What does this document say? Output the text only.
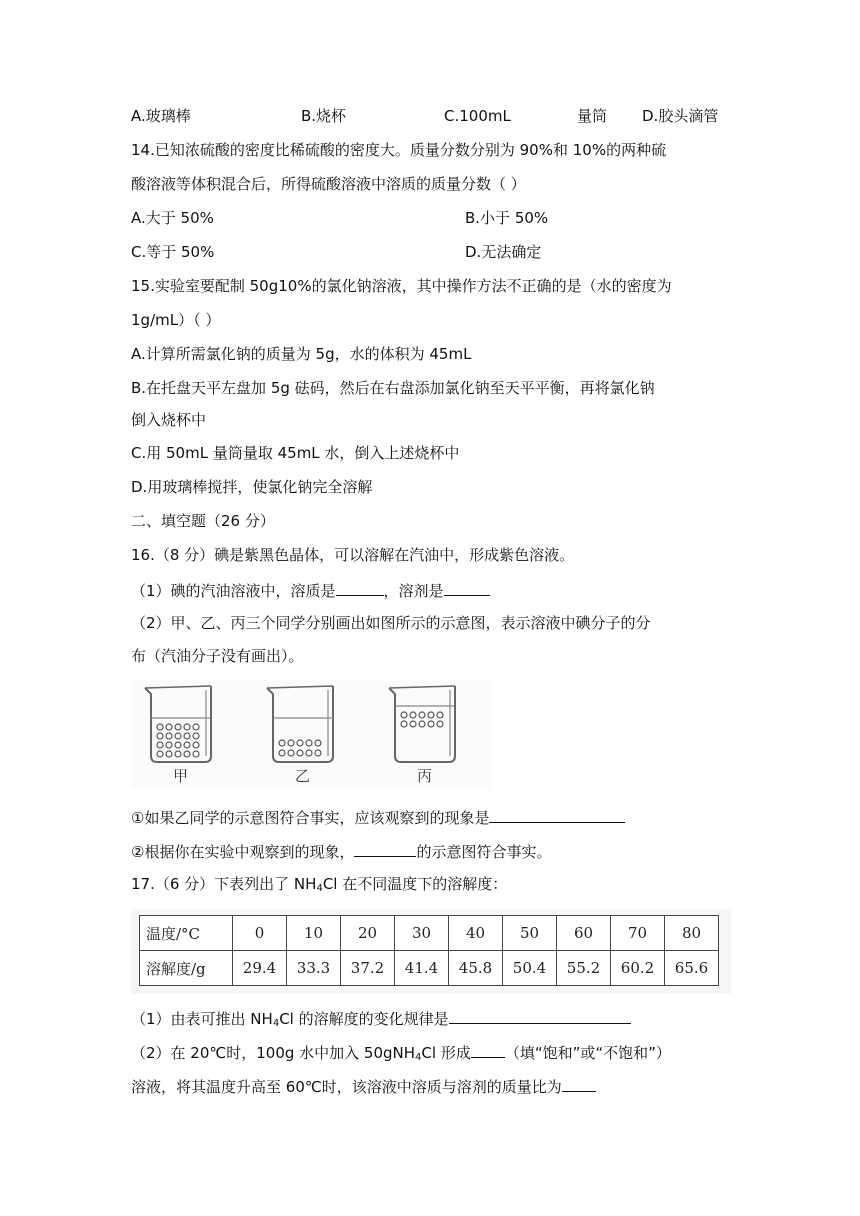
A.玻璃棒	B.烧杯	C.100mL	量筒 D.胶头滴管
14.已知浓硫酸的密度比稀硫酸的密度大。质量分数分别为 90%和 10%的两种硫
酸溶液等体积混合后，所得硫酸溶液中溶质的质量分数（ ）
A.大于 50%	B.小于 50%
C.等于 50%	D.无法确定
15.实验室要配制 50g10%的氯化钠溶液，其中操作方法不正确的是（水的密度为
1g/mL）（ ）
A.计算所需氯化钠的质量为 5g，水的体积为 45mL
B.在托盘天平左盘加 5g 砝码，然后在右盘添加氯化钠至天平平衡，再将氯化钠
倒入烧杯中
C.用 50mL 量筒量取 45mL 水，倒入上述烧杯中
D.用玻璃棒搅拌，使氯化钠完全溶解
二、填空题（26 分）
16.（8 分）碘是紫黑色晶体，可以溶解在汽油中，形成紫色溶液。
（1）碘的汽油溶液中，溶质是	，溶剂是
（2）甲、乙、丙三个同学分别画出如图所示的示意图，表示溶液中碘分子的分
布（汽油分子没有画出）。
甲	乙	丙
①如果乙同学的示意图符合事实，应该观察到的现象是
②根据你在实验中观察到的现象，	的示意图符合事实。
17.（6 分）下表列出了 $NH_4Cl$ 在不同温度下的溶解度：
温度/°C	0	10	20	30	40	50	60	70	80
溶解度/g	29.4	33.3	37.2	41.4	45.8	50.4	55.2	60.2	65.6
（1）由表可推出 $NH_4Cl$ 的溶解度的变化规律是
（2）在 20℃时，100g 水中加入 50gNH$_4$Cl 形成 （填“饱和”或“不饱和”）
溶液，将其温度升高至 60℃时，该溶液中溶质与溶剂的质量比为
